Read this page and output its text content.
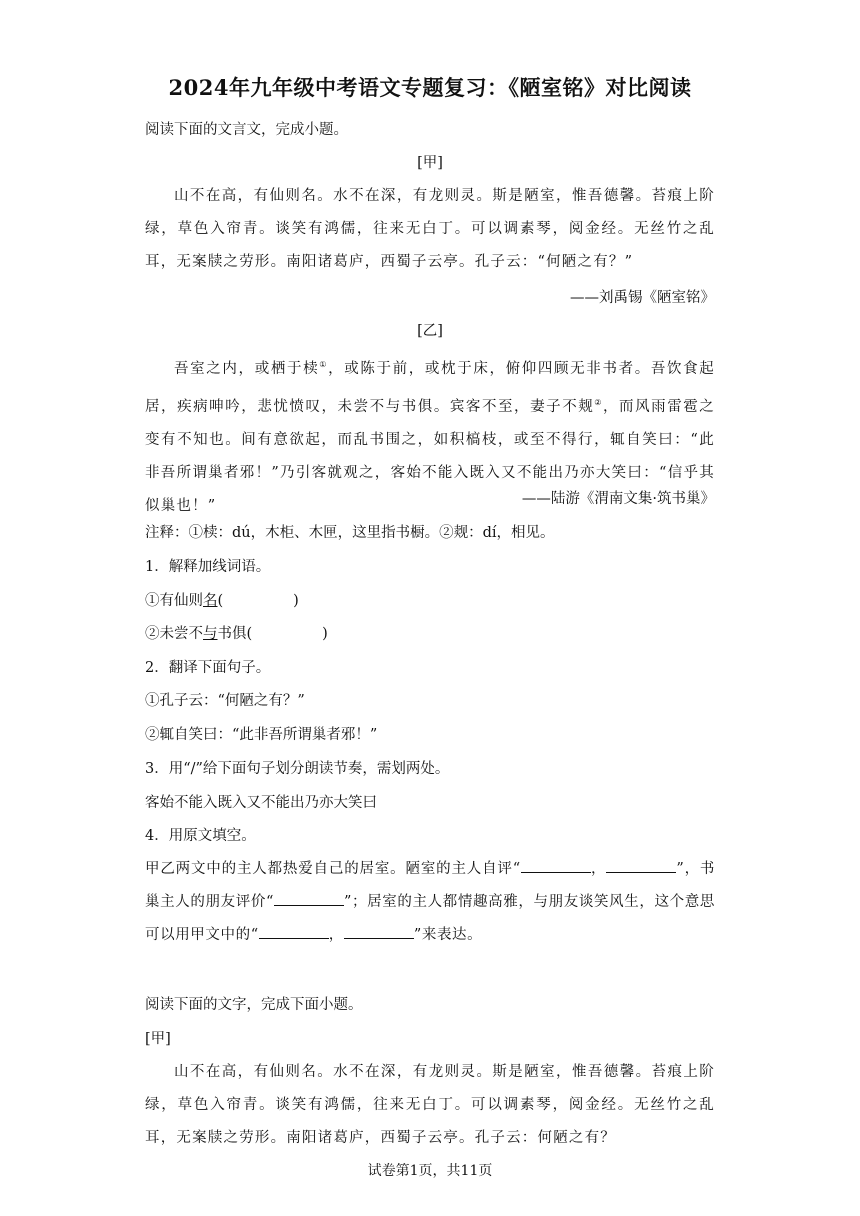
2024年九年级中考语文专题复习：《陋室铭》对比阅读
阅读下面的文言文，完成小题。
[甲]
山不在高，有仙则名。水不在深，有龙则灵。斯是陋室，惟吾德馨。苔痕上阶绿，草色入帘青。谈笑有鸿儒，往来无白丁。可以调素琴，阅金经。无丝竹之乱耳，无案牍之劳形。南阳诸葛庐，西蜀子云亭。孔子云：“何陋之有？”
——刘禹锡《陋室铭》
[乙]
吾室之内，或栖于椟①，或陈于前，或枕于床，俯仰四顾无非书者。吾饮食起居，疾病呻吟，悲忧愤叹，未尝不与书俱。宾客不至，妻子不觌②，而风雨雷雹之变有不知也。间有意欲起，而乱书围之，如积槁枝，或至不得行，辄自笑曰：“此非吾所谓巢者邪！”乃引客就观之，客始不能入既入又不能出乃亦大笑曰：“信乎其似巢也！”	——陆游《渭南文集·筑书巢》
注释：①椟：dú，木柜、木匣，这里指书橱。②觌：dí，相见。
1．解释加线词语。
①有仙则名(	)
②未尝不与书俱(	)
2．翻译下面句子。
①孔子云：“何陋之有？”
②辄自笑曰：“此非吾所谓巢者邪！”
3．用“/”给下面句子划分朗读节奏，需划两处。
客始不能入既入又不能出乃亦大笑曰
4．用原文填空。
甲乙两文中的主人都热爱自己的居室。陋室的主人自评“	，	”，书巢主人的朋友评价“	”；居室的主人都情趣高雅，与朋友谈笑风生，这个意思可以用甲文中的“	，	”来表达。
阅读下面的文字，完成下面小题。
[甲]
山不在高，有仙则名。水不在深，有龙则灵。斯是陋室，惟吾德馨。苔痕上阶绿，草色入帘青。谈笑有鸿儒，往来无白丁。可以调素琴，阅金经。无丝竹之乱耳，无案牍之劳形。南阳诸葛庐，西蜀子云亭。孔子云：何陋之有？
试卷第1页，共11页
